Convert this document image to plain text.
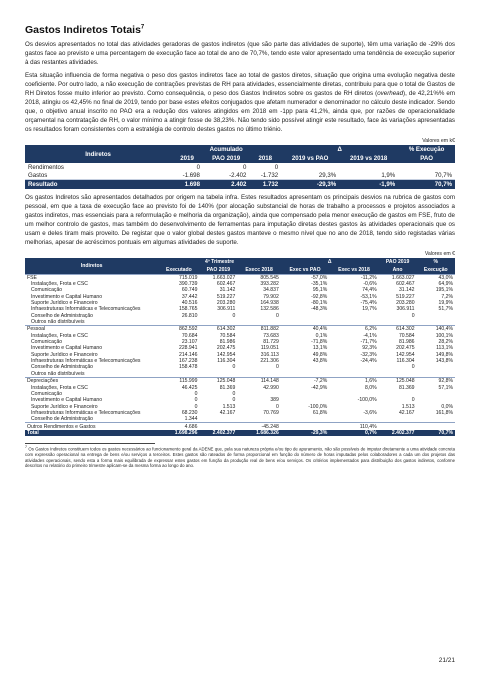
Gastos Indiretos Totais$^7$

Os desvios apresentados no total das atividades geradoras de gastos indiretos (que são parte das atividades de suporte), têm uma variação de -29% dos gastos face ao previsto e uma percentagem de execução face ao total de ano de 70,7%, tendo este valor apresentado uma tendência de execução superior à das restantes atividades.

Esta situação influencia de forma negativa o peso dos gastos indiretos face ao total de gastos diretos, situação que origina uma evolução negativa deste coeficiente. Por outro lado, a não execução de contrações previstas de RH para atividades, essencialmente diretas, contribuiu para que o total de Gastos de RH Diretos fosse muito inferior ao previsto. Como consequência, o peso dos Gastos Indiretos sobre os gastos de RH diretos (overhead), de 42,21%% em 2018, atingiu os 42,45% no final de 2019, tendo por base estes efeitos conjugados que afetam numerador e denominador no cálculo deste indicador. Sendo que, o objetivo anual inscrito no PAO era a redução dos valores atingidos em 2018 em -1pp para 41,2%, ainda que, por razões de operacionalidade orçamental na contratação de RH, o valor mínimo a atingir fosse de 38,23%. Não tendo sido possível atingir este resultado, face às variações apresentadas os resultados foram consistentes com a estratégia de controlo destes gastos no último triénio.

Valores em k€
Indiretos	Acumulado			Δ		% Execução
	2019	PAO 2019	2018	2019 vs PAO	2019 vs 2018	PAO
Rendimentos	0	0	0			
Gastos	-1.698	-2.402	-1.732	29,3%	1,9%	70,7%
Resultado	1.698	2.402	1.732	-29,3%	-1,9%	70,7%

Os gastos Indiretos são apresentados detalhados por origem na tabela infra. Estes resultados apresentam os principais desvios na rubrica de gastos com pessoal, em que a taxa de execução face ao previsto foi de 140% (por alocação substancial de horas de trabalho a processos e projetos associados a gastos indiretos, mas essenciais para a reformulação e melhoria da organização), ainda que compensado pela menor execução de gastos em FSE, fruto de um melhor controlo de gastos, mas também do desenvolvimento de ferramentas para imputação diretas destes gastos às atividades operacionais que os usam e deles tiram mais proveito. De registar que o valor global destes gastos manteve o mesmo nível que no ano de 2018, tendo sido registadas várias melhorias, apesar de acréscimos pontuais em algumas atividades de suporte.

Valores em €
Indiretos	4º Trimestre			Δ		PAO 2019	%
	Executado	PAO 2019	Execc 2018	Exec vs PAO	Exec vs 2018	Ano	Execução
FSE	715.019	1.663.027	805.545	-57,0%	-11,2%	1.663.027	43,0%
Instalações, Frota e CSC	390.739	602.467	393.282	-35,1%	-0,6%	602.467	64,9%
Comunicação	60.749	31.142	34.837	95,1%	74,4%	31.142	195,1%
Investimento e Capital Humano	37.442	519.227	79.902	-92,8%	-53,1%	519.227	7,2%
Suporte Jurídico e Financeiro	40.516	203.280	164.938	-80,1%	-75,4%	203.280	19,9%
Infraestruturas Informáticas e Telecomunicações	158.765	306.911	132.586	-48,3%	19,7%	306.911	51,7%
Conselho de Administração	26.810	0	0			0	
Outros não distribuíveis							
Pessoal	862.592	614.302	811.882	40,4%	6,2%	614.302	140,4%
Instalações, Frota e CSC	70.684	70.584	73.683	0,1%	-4,1%	70.584	100,1%
Comunicação	23.107	81.986	81.729	-71,8%	-71,7%	81.986	28,2%
Investimento e Capital Humano	228.941	202.475	119.051	13,1%	92,3%	202.475	113,1%
Suporte Jurídico e Financeiro	214.146	142.954	316.113	49,8%	-32,3%	142.954	149,8%
Infraestruturas Informáticas e Telecomunicações	167.238	116.304	221.306	43,8%	-24,4%	116.304	143,8%
Conselho de Administração	158.478	0	0			0	
Outros não distribuíveis							
Depreciações	115.999	125.048	114.148	-7,2%	1,6%	125.048	92,8%
Instalações, Frota e CSC	46.425	81.369	42.990	-42,9%	8,0%	81.369	57,1%
Comunicação	0	0					
Investimento e Capital Humano	0	0	389		-100,0%	0	
Suporte Jurídico e Financeiro	0	1.513	0	-100,0%		1.513	0,0%
Infraestruturas Informáticas e Telecomunicações	68.230	42.167	70.769	61,8%	-3,6%	42.167	161,8%
Conselho de Administração	1.344						
Outros Rendimentos e Gastos	4.686		-45.248		110,4%		
Total	1.698.296	2.402.377	1.686.326	-29,3%	0,7%	2.402.377	70,7%

$^7$ Os Gastos Indiretos constituem todos os gastos necessários ao funcionamento geral da ADENE que, pela sua natureza própria e/ou tipo de apuramento, não são possíveis de imputar diretamente a uma atividade concreta com expressão operacional na entrega de bens e/ou serviços a terceiros. Estes gastos são rateados de forma proporcional em função do número de horas imputadas pelos colaboradores a cada um dos projetos das atividades operacionais, sendo esta a forma mais equilibrada de expressar estes gastos em função da produção real de bens e/ou serviços. Os critérios implementados para distribuição dos gastos indiretos, conforme descritos no relatório do primeiro trimestre aplicam-se da mesma forma ao longo do ano.

21/21
